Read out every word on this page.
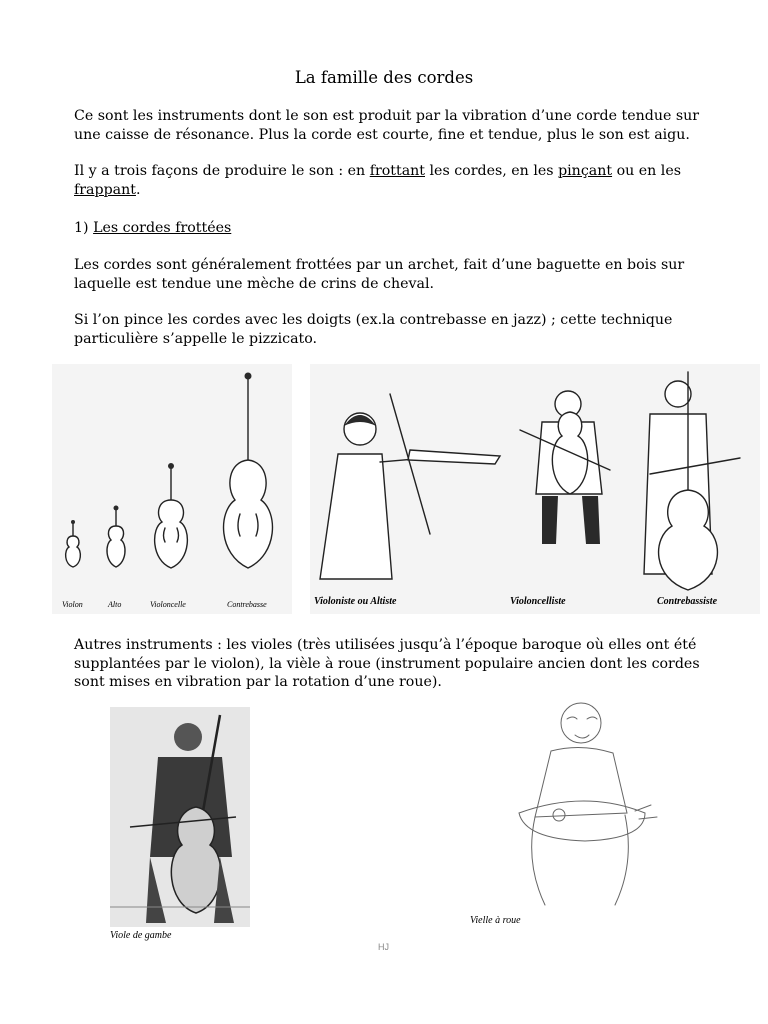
La famille des cordes
Ce sont les instruments dont le son est produit par la vibration d’une corde tendue sur une caisse de résonance. Plus la corde est courte, fine et tendue, plus le son est aigu.
Il y a trois façons de produire le son : en frottant les cordes, en les pinçant ou en les frappant.
1) Les cordes frottées
Les cordes sont généralement frottées par un archet, fait d’une baguette en bois sur laquelle est tendue une mèche de crins de cheval.
Si l’on pince les cordes avec les doigts (ex.la contrebasse en jazz) ; cette technique particulière s’appelle le pizzicato.
Violon	Alto	Violoncelle	Contrebasse	Violoniste ou Altiste	Violoncelliste	Contrebassiste
Autres instruments : les violes (très utilisées jusqu’à l’époque baroque où elles ont été supplantées par le violon), la vièle à roue (instrument populaire ancien dont les cordes sont mises en vibration par la rotation d’une roue).
Viole de gambe
Vielle à roue
HJ
